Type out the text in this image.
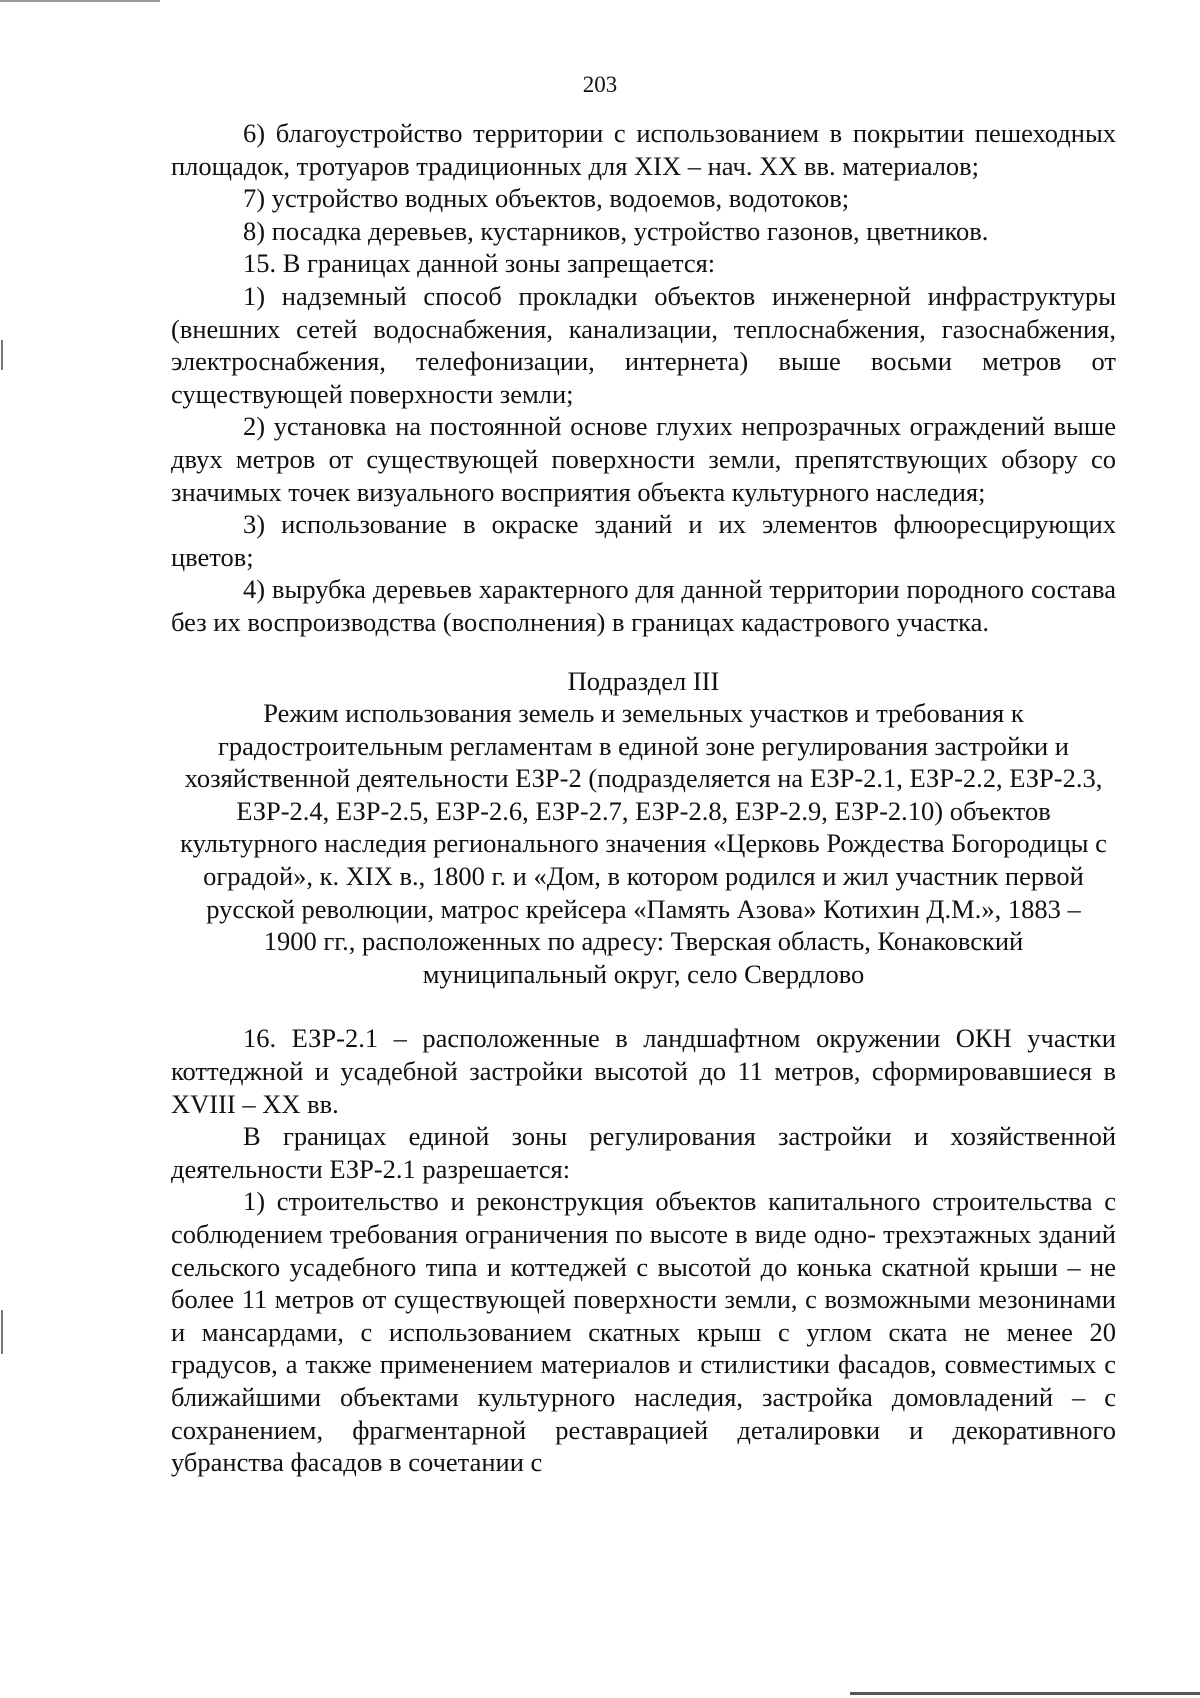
203

6) благоустройство территории с использованием в покрытии пешеходных площадок, тротуаров традиционных для XIX – нач. XX вв. материалов;

7) устройство водных объектов, водоемов, водотоков;

8) посадка деревьев, кустарников, устройство газонов, цветников.

15. В границах данной зоны запрещается:

1) надземный способ прокладки объектов инженерной инфраструктуры (внешних сетей водоснабжения, канализации, теплоснабжения, газоснабжения, электроснабжения, телефонизации, интернета) выше восьми метров от существующей поверхности земли;

2) установка на постоянной основе глухих непрозрачных ограждений выше двух метров от существующей поверхности земли, препятствующих обзору со значимых точек визуального восприятия объекта культурного наследия;

3) использование в окраске зданий и их элементов флюоресцирующих цветов;

4) вырубка деревьев характерного для данной территории породного состава без их воспроизводства (восполнения) в границах кадастрового участка.

Подраздел III
Режим использования земель и земельных участков и требования к градостроительным регламентам в единой зоне регулирования застройки и хозяйственной деятельности ЕЗР-2 (подразделяется на ЕЗР-2.1, ЕЗР-2.2, ЕЗР-2.3, ЕЗР-2.4, ЕЗР-2.5, ЕЗР-2.6, ЕЗР-2.7, ЕЗР-2.8, ЕЗР-2.9, ЕЗР-2.10) объектов культурного наследия регионального значения «Церковь Рождества Богородицы с оградой», к. XIX в., 1800 г. и «Дом, в котором родился и жил участник первой русской революции, матрос крейсера «Память Азова» Котихин Д.М.», 1883 – 1900 гг., расположенных по адресу: Тверская область, Конаковский муниципальный округ, село Свердлово

16. ЕЗР-2.1 – расположенные в ландшафтном окружении ОКН участки коттеджной и усадебной застройки высотой до 11 метров, сформировавшиеся в XVIII – XX вв.

В границах единой зоны регулирования застройки и хозяйственной деятельности ЕЗР-2.1 разрешается:

1) строительство и реконструкция объектов капитального строительства с соблюдением требования ограничения по высоте в виде одно- трехэтажных зданий сельского усадебного типа и коттеджей с высотой до конька скатной крыши – не более 11 метров от существующей поверхности земли, с возможными мезонинами и мансардами, с использованием скатных крыш с углом ската не менее 20 градусов, а также применением материалов и стилистики фасадов, совместимых с ближайшими объектами культурного наследия, застройка домовладений – с сохранением, фрагментарной реставрацией деталировки и декоративного убранства фасадов в сочетании с
